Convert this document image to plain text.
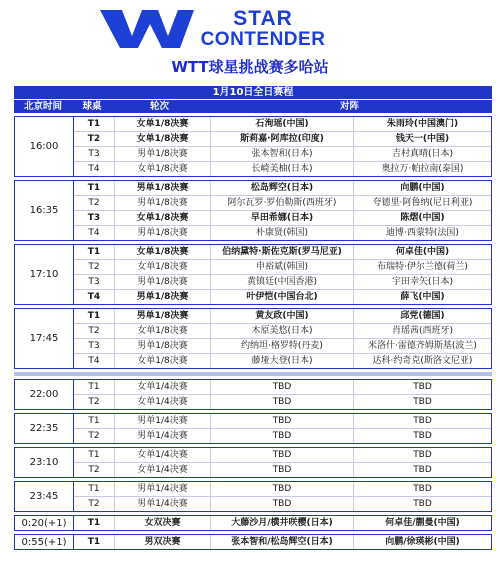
STAR
CONTENDER
WTT球星挑战赛多哈站
1月10日全日赛程
北京时间	球桌	轮次	对阵
16:00
T1	女单1/8决赛	石洵瑶(中国)	朱雨玲(中国澳门)
T2	女单1/8决赛	斯莉嘉·阿库拉(印度)	钱天一(中国)
T3	男单1/8决赛	张本智和(日本)	吉村真晴(日本)
T4	女单1/8决赛	长崎美柚(日本)	奥拉万·帕拉南(泰国)
16:35
T1	男单1/8决赛	松岛辉空(日本)	向鹏(中国)
T2	男单1/8决赛	阿尔瓦罗·罗伯勒斯(西班牙)	夸德里·阿鲁纳(尼日利亚)
T3	女单1/8决赛	早田希娜(日本)	陈熠(中国)
T4	男单1/8决赛	朴康贤(韩国)	迪博·西蒙特(法国)
17:10
T1	女单1/8决赛	伯纳黛特·斯佐克斯(罗马尼亚)	何卓佳(中国)
T2	女单1/8决赛	申裕斌(韩国)	布瑞特·伊尔兰德(荷兰)
T3	男单1/8决赛	黄镇廷(中国香港)	宇田幸矢(日本)
T4	男单1/8决赛	叶伊恺(中国台北)	薛飞(中国)
17:45
T1	男单1/8决赛	黄友政(中国)	邱党(德国)
T2	女单1/8决赛	木原美悠(日本)	肖瑶茜(西班牙)
T3	男单1/8决赛	约纳坦·格罗特(丹麦)	米洛什·雷德齐姆斯基(波兰)
T4	女单1/8决赛	藤垭大登(日本)	达科·约奇克(斯洛文尼亚)
22:00
T1	女单1/4决赛	TBD	TBD
T2	女单1/4决赛	TBD	TBD
22:35
T1	男单1/4决赛	TBD	TBD
T2	男单1/4决赛	TBD	TBD
23:10
T1	女单1/4决赛	TBD	TBD
T2	女单1/4决赛	TBD	TBD
23:45
T1	男单1/4决赛	TBD	TBD
T2	男单1/4决赛	TBD	TBD
0:20(+1)	T1	女双决赛	大藤沙月/横井咲樱(日本)	何卓佳/蒯曼(中国)
0:55(+1)	T1	男双决赛	张本智和/松岛辉空(日本)	向鹏/徐瑛彬(中国)
